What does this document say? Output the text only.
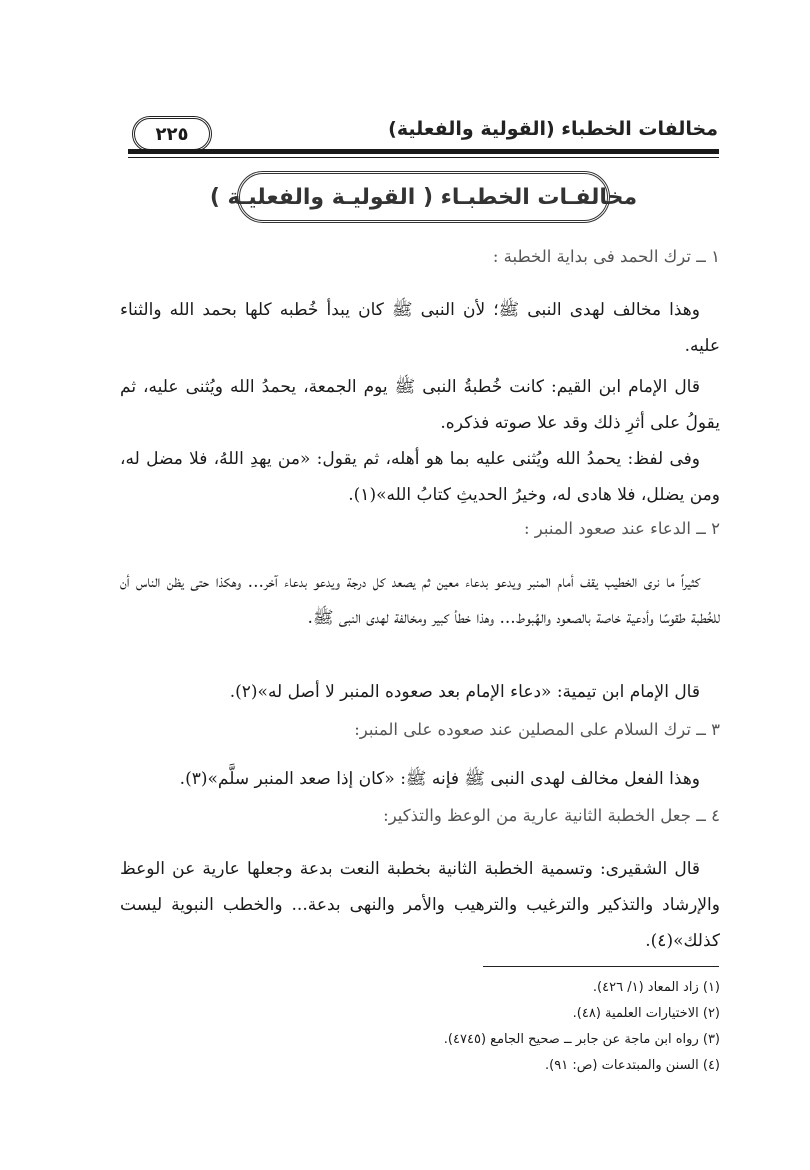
٢٢٥	مخالفات الخطباء (القولية والفعلية)
مخالفـات الخطبـاء ( القوليـة والفعليـة )
١ ــ ترك الحمد فى بداية الخطبة :
وهذا مخالف لهدى النبى ﷺ؛ لأن النبى ﷺ كان يبدأ خُطبه كلها بحمد الله والثناء عليه.
قال الإمام ابن القيم: كانت خُطبةُ النبى ﷺ يوم الجمعة، يحمدُ الله ويُثنى عليه، ثم يقولُ على أثرِ ذلك وقد علا صوته فذكره.
وفى لفظ: يحمدُ الله ويُثنى عليه بما هو أهله، ثم يقول: «من يهدِ اللهُ، فلا مضل له، ومن يضلل، فلا هادى له، وخيرُ الحديثِ كتابُ الله»(١).
٢ ــ الدعاء عند صعود المنبر :
كثيراً ما نرى الخطيب يقف أمام المنبر ويدعو بدعاء معين ثم يصعد كل درجة ويدعو بدعاء آخر... وهكذا حتى يظن الناس أن للخُطبة طقوسًا وأدعية خاصة بالصعود والهُبوط... وهذا خطأ كبير ومخالفة لهدى النبى ﷺ.
قال الإمام ابن تيمية: «دعاء الإمام بعد صعوده المنبر لا أصل له»(٢).
٣ ــ ترك السلام على المصلين عند صعوده على المنبر:
وهذا الفعل مخالف لهدى النبى ﷺ فإنه ﷺ: «كان إذا صعد المنبر سلَّم»(٣).
٤ ــ جعل الخطبة الثانية عارية من الوعظ والتذكير:
قال الشقيرى: وتسمية الخطبة الثانية بخطبة النعت بدعة وجعلها عارية عن الوعظ والإرشاد والتذكير والترغيب والترهيب والأمر والنهى بدعة... والخطب النبوية ليست كذلك»(٤).
(١) زاد المعاد (١/ ٤٢٦).
(٢) الاختيارات العلمية (٤٨).
(٣) رواه ابن ماجة عن جابر ــ صحيح الجامع (٤٧٤٥).
(٤) السنن والمبتدعات (ص: ٩١).
